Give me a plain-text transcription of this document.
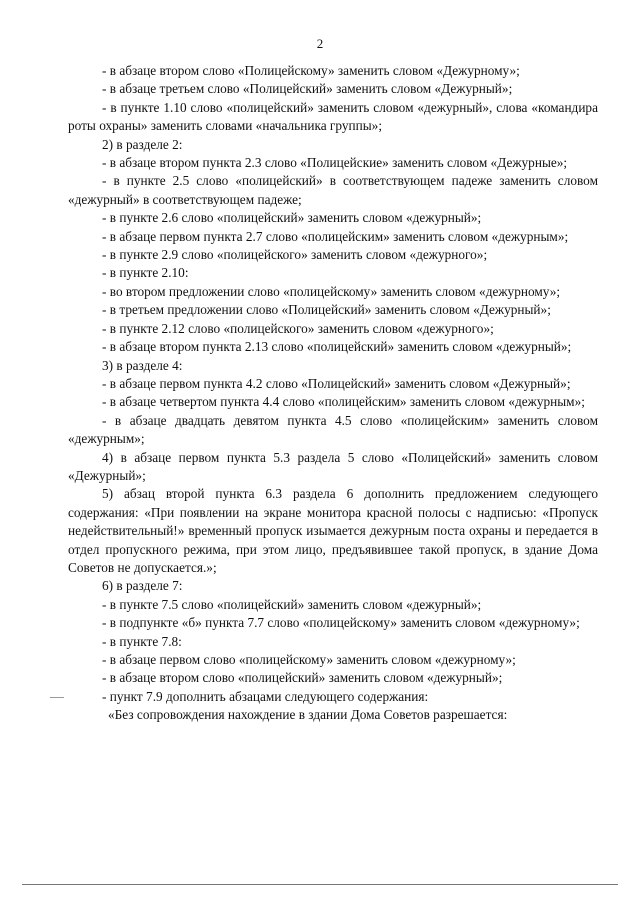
2

- в абзаце втором слово «Полицейскому» заменить словом «Дежурному»;

- в абзаце третьем слово «Полицейский» заменить словом «Дежурный»;

- в пункте 1.10 слово «полицейский» заменить словом «дежурный», слова «командира роты охраны» заменить словами «начальника группы»;

2) в разделе 2:

- в абзаце втором пункта 2.3 слово «Полицейские» заменить словом «Дежурные»;

- в пункте 2.5 слово «полицейский» в соответствующем падеже заменить словом «дежурный» в соответствующем падеже;

- в пункте 2.6 слово «полицейский» заменить словом «дежурный»;

- в абзаце первом пункта 2.7 слово «полицейским» заменить словом «дежурным»;

- в пункте 2.9 слово «полицейского» заменить словом «дежурного»;

- в пункте 2.10:

- во втором предложении слово «полицейскому» заменить словом «дежурному»;

- в третьем предложении слово «Полицейский» заменить словом «Дежурный»;

- в пункте 2.12 слово «полицейского» заменить словом «дежурного»;

- в абзаце втором пункта 2.13 слово «полицейский» заменить словом «дежурный»;

3) в разделе 4:

- в абзаце первом пункта 4.2 слово «Полицейский» заменить словом «Дежурный»;

- в абзаце четвертом пункта 4.4 слово «полицейским» заменить словом «дежурным»;

- в абзаце двадцать девятом пункта 4.5 слово «полицейским» заменить словом «дежурным»;

4) в абзаце первом пункта 5.3 раздела 5 слово «Полицейский» заменить словом «Дежурный»;

5) абзац второй пункта 6.3 раздела 6 дополнить предложением следующего содержания: «При появлении на экране монитора красной полосы с надписью: «Пропуск недействительный!» временный пропуск изымается дежурным поста охраны и передается в отдел пропускного режима, при этом лицо, предъявившее такой пропуск, в здание Дома Советов не допускается.»;

6) в разделе 7:

- в пункте 7.5 слово «полицейский» заменить словом «дежурный»;

- в подпункте «б» пункта 7.7 слово «полицейскому» заменить словом «дежурному»;

- в пункте 7.8:

- в абзаце первом слово «полицейскому» заменить словом «дежурному»;

- в абзаце втором слово «полицейский» заменить словом «дежурный»;

- пункт 7.9 дополнить абзацами следующего содержания:

«Без сопровождения нахождение в здании Дома Советов разрешается:
